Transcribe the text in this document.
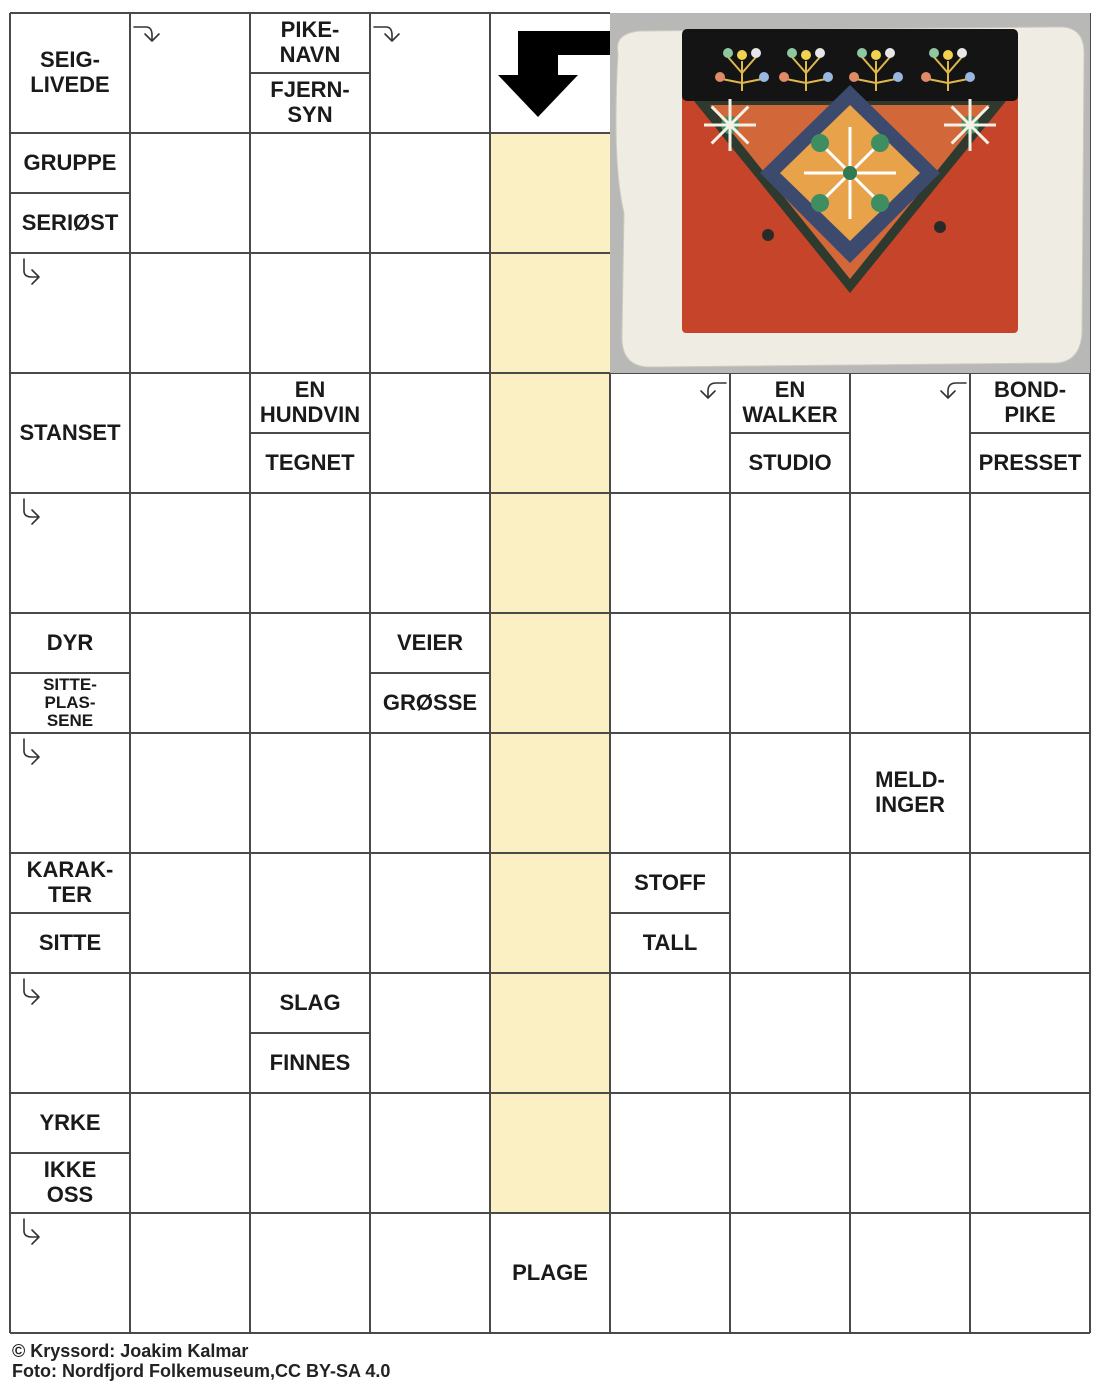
SEIG-
LIVEDE
PIKE-
NAVN
FJERN-
SYN
GRUPPE
SERIØST
STANSET
EN
HUNDVIN
TEGNET
EN
WALKER
STUDIO
BOND-
PIKE
PRESSET
DYR
SITTE-
PLAS-
SENE
VEIER
GRØSSE
MELD-
INGER
KARAK-
TER
SITTE
STOFF
TALL
SLAG
FINNES
YRKE
IKKE
OSS
PLAGE
© Kryssord: Joakim Kalmar
Foto: Nordfjord Folkemuseum,CC BY-SA 4.0
